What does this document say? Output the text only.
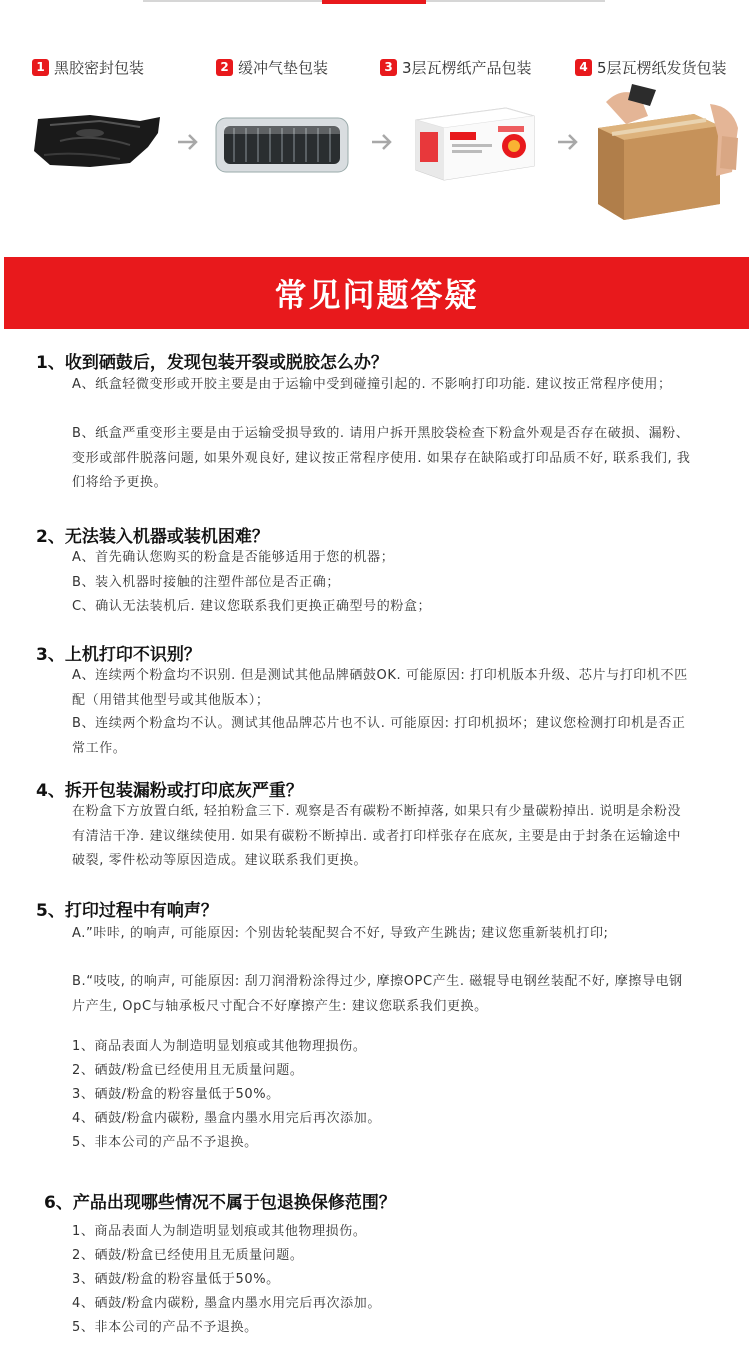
1 黑胶密封包装	2 缓冲气垫包装	3 3层瓦楞纸产品包装	4 5层瓦楞纸发货包装
常见问题答疑
1、收到硒鼓后，发现包装开裂或脱胶怎么办？
A、纸盒轻微变形或开胶主要是由于运输中受到碰撞引起的. 不影响打印功能. 建议按正常程序使用；
B、纸盒严重变形主要是由于运输受损导致的. 请用户拆开黑胶袋检查下粉盒外观是否存在破损、漏粉、变形或部件脱落问题, 如果外观良好, 建议按正常程序使用. 如果存在缺陷或打印品质不好, 联系我们, 我们将给予更换。
2、无法装入机器或装机困难？
A、首先确认您购买的粉盒是否能够适用于您的机器；
B、装入机器时接触的注塑件部位是否正确；
C、确认无法装机后. 建议您联系我们更换正确型号的粉盒；
3、上机打印不识别？
A、连续两个粉盒均不识别. 但是测试其他品牌硒鼓OK. 可能原因: 打印机版本升级、芯片与打印机不匹配（用错其他型号或其他版本）；
B、连续两个粉盒均不认。测试其他品牌芯片也不认. 可能原因: 打印机损坏；建议您检测打印机是否正常工作。
4、拆开包装漏粉或打印底灰严重？
在粉盒下方放置白纸, 轻拍粉盒三下. 观察是否有碳粉不断掉落, 如果只有少量碳粉掉出. 说明是余粉没有清洁干净. 建议继续使用. 如果有碳粉不断掉出. 或者打印样张存在底灰, 主要是由于封条在运输途中破裂, 零件松动等原因造成。建议联系我们更换。
5、打印过程中有响声？
A.”咔咔, 的响声, 可能原因: 个别齿轮装配契合不好, 导致产生跳齿; 建议您重新装机打印;
B.“吱吱, 的响声, 可能原因: 刮刀润滑粉涂得过少, 摩擦OPC产生. 磁辊导电钢丝装配不好, 摩擦导电钢片产生, OpC与轴承板尺寸配合不好摩擦产生: 建议您联系我们更换。
1、商品表面人为制造明显划痕或其他物理损伤。
2、硒鼓/粉盒已经使用且无质量问题。
3、硒鼓/粉盒的粉容量低于50%。
4、硒鼓/粉盒内碳粉, 墨盒内墨水用完后再次添加。
5、非本公司的产品不予退换。
6、产品出现哪些情况不属于包退换保修范围？
1、商品表面人为制造明显划痕或其他物理损伤。
2、硒鼓/粉盒已经使用且无质量问题。
3、硒鼓/粉盒的粉容量低于50%。
4、硒鼓/粉盒内碳粉, 墨盒内墨水用完后再次添加。
5、非本公司的产品不予退换。
